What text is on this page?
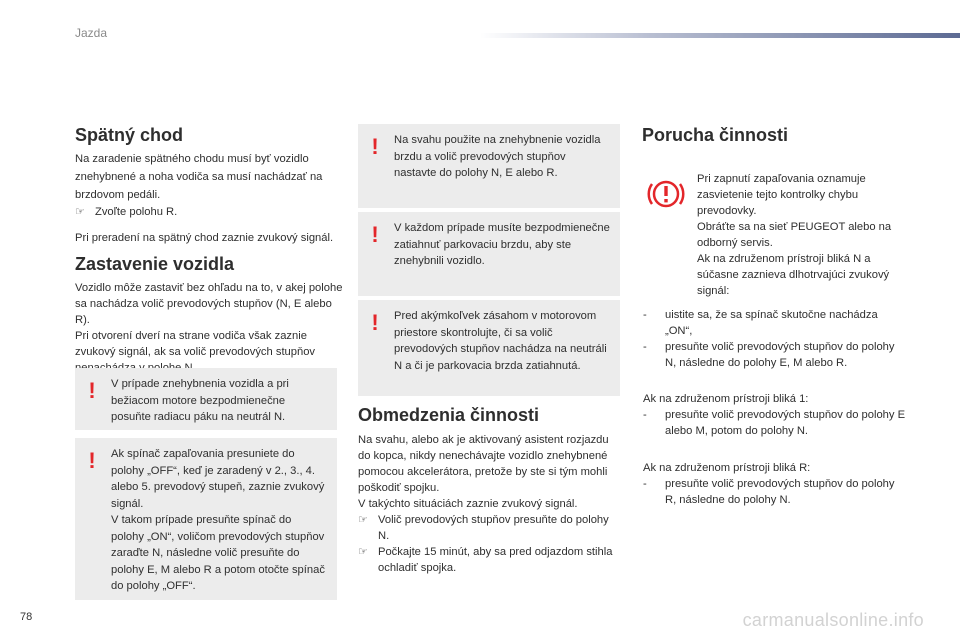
Jazda
78	carmanualsonline.info
Spätný chod

Na zaradenie spätného chodu musí byť vozidlo znehybnené a noha vodiča sa musí nachádzať na brzdovom pedáli.

☞ Zvoľte polohu R.

Pri preradení na spätný chod zaznie zvukový signál.

Zastavenie vozidla

Vozidlo môže zastaviť bez ohľadu na to, v akej polohe sa nachádza volič prevodových stupňov (N, E alebo R).

Pri otvorení dverí na strane vodiča však zaznie zvukový signál, ak sa volič prevodových stupňov

! V prípade znehybnenia vozidla a pri bežiacom motore bezpodmienečne posuňte radiacu páku na neutrál N.
! Ak spínač zapaľovania presuniete do polohy „OFF“, keď je zaradený v 2., 3., 4. alebo 5. prevodový stupeň, zaznie zvukový signál.
V takom prípade presuňte spínač do polohy „ON“, voličom prevodových stupňov zaraďte N, následne volič presuňte do polohy E, M alebo R a potom otočte spínač do polohy „OFF“.
! Na svahu použite na znehybnenie vozidla brzdu a volič prevodových stupňov nastavte do polohy N, E alebo R.
! V každom prípade musíte bezpodmienečne zatiahnuť parkovaciu brzdu, aby ste znehybnili vozidlo.
! Pred akýmkoľvek zásahom v motorovom priestore skontrolujte, či sa volič prevodových stupňov nachádza na neutráli N a či je parkovacia brzda zatiahnutá.
Obmedzenia činnosti

Na svahu, alebo ak je aktivovaný asistent rozjazdu do kopca, nikdy nenechávajte vozidlo znehybnené pomocou akcelerátora, pretože by ste si tým mohli poškodiť spojku.

V takýchto situáciách zaznie zvukový signál.

☞ Volič prevodových stupňov presuňte do polohy N.

☞ Počkajte 15 minút, aby sa pred odjazdom stihla ochladiť spojka.

Porucha činnosti

Pri zapnutí zapaľovania oznamuje zasvietenie tejto kontrolky chybu prevodovky.

Obráťte sa na sieť PEUGEOT alebo na odborný servis.

Ak na združenom prístroji bliká N a súčasne zaznieva dlhotrvajúci zvukový signál:

- uistite sa, že sa spínač skutočne nachádza „ON“,

- presuňte volič prevodových stupňov do polohy N, následne do polohy E, M alebo R.

Ak na združenom prístroji bliká 1:

- presuňte volič prevodových stupňov do polohy E alebo M, potom do polohy N.

Ak na združenom prístroji bliká R:

- presuňte volič prevodových stupňov do polohy R, následne do polohy N.
